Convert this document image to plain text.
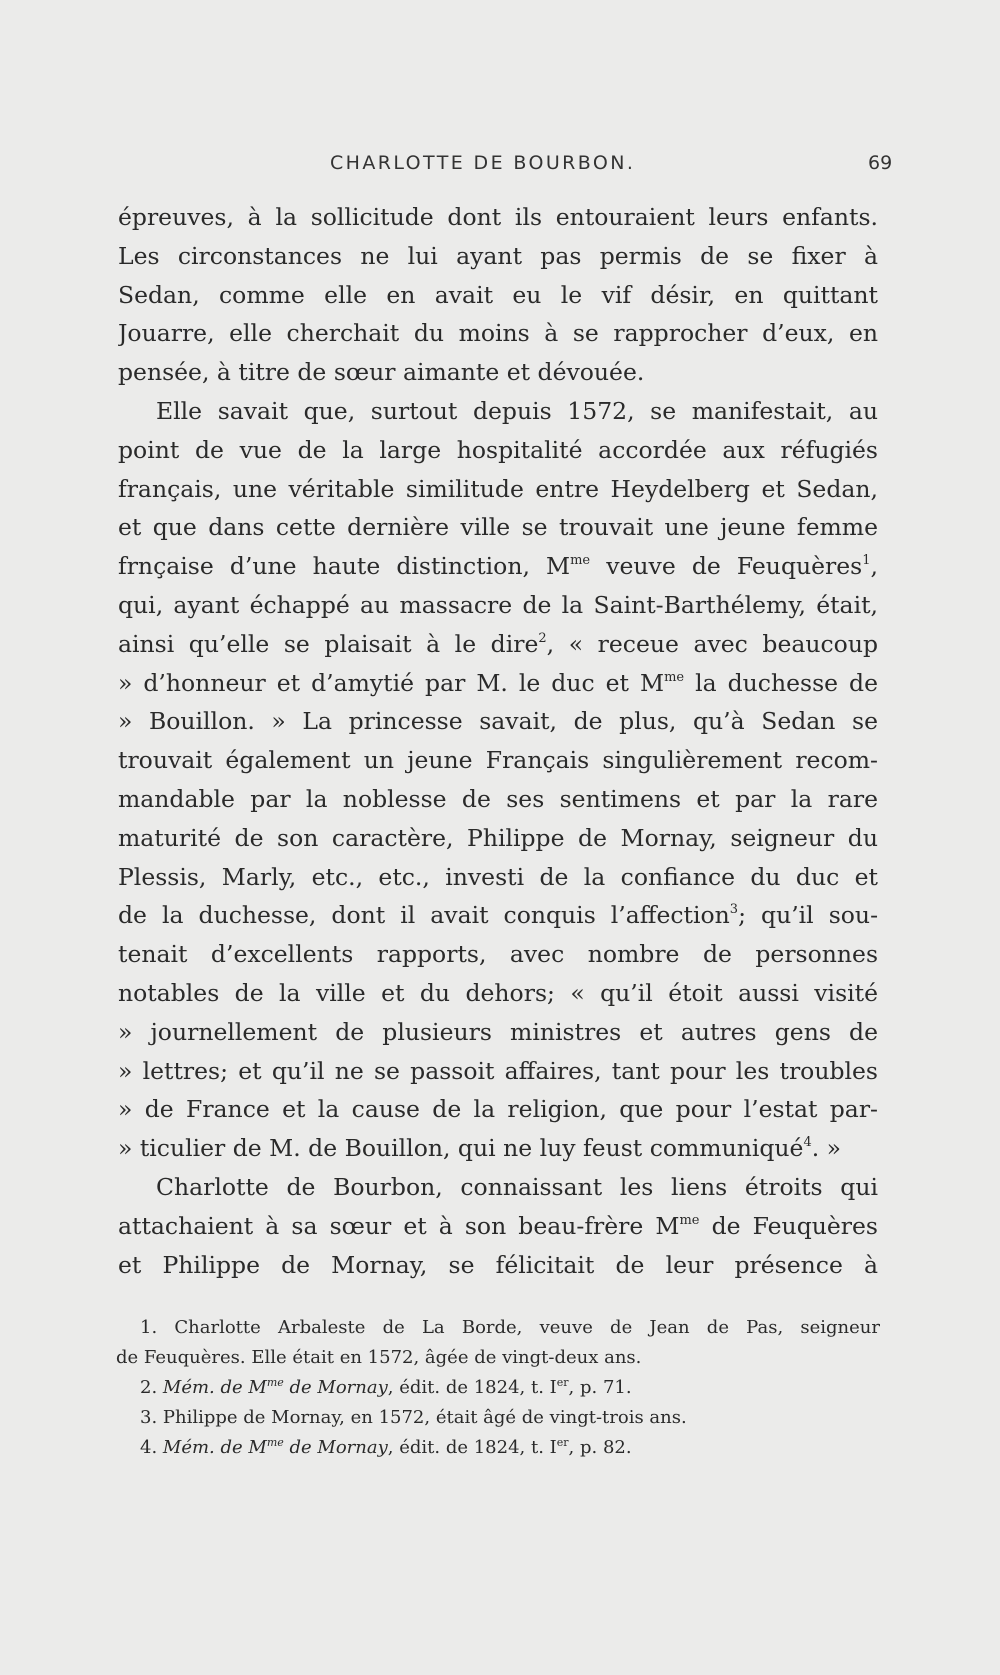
CHARLOTTE DE BOURBON.	69
épreuves, à la sollicitude dont ils entouraient leurs enfants.
Les circonstances ne lui ayant pas permis de se fixer à
Sedan, comme elle en avait eu le vif désir, en quittant
Jouarre, elle cherchait du moins à se rapprocher d’eux, en
pensée, à titre de sœur aimante et dévouée.
Elle savait que, surtout depuis 1572, se manifestait, au
point de vue de la large hospitalité accordée aux réfugiés
français, une véritable similitude entre Heydelberg et Sedan,
et que dans cette dernière ville se trouvait une jeune femme
frnçaise d’une haute distinction, $M^{me}$ veuve de Feuquères$^1$,
qui, ayant échappé au massacre de la Saint-Barthélemy, était,
ainsi qu’elle se plaisait à le dire$^2$, « receue avec beaucoup
» d’honneur et d’amytié par M. le duc et $M^{me}$ la duchesse de
» Bouillon. » La princesse savait, de plus, qu’à Sedan se
trouvait également un jeune Français singulièrement recom-
mandable par la noblesse de ses sentimens et par la rare
maturité de son caractère, Philippe de Mornay, seigneur du
Plessis, Marly, etc., etc., investi de la confiance du duc et
de la duchesse, dont il avait conquis l’affection$^3$; qu’il sou-
tenait d’excellents rapports, avec nombre de personnes
notables de la ville et du dehors; « qu’il étoit aussi visité
» journellement de plusieurs ministres et autres gens de
» lettres; et qu’il ne se passoit affaires, tant pour les troubles
» de France et la cause de la religion, que pour l’estat par-
» ticulier de M. de Bouillon, qui ne luy feust communiqué$^4$. »
Charlotte de Bourbon, connaissant les liens étroits qui
attachaient à sa sœur et à son beau-frère $M^{me}$ de Feuquères
et Philippe de Mornay, se félicitait de leur présence à
1. Charlotte Arbaleste de La Borde, veuve de Jean de Pas, seigneur
de Feuquères. Elle était en 1572, âgée de vingt-deux ans.
2. Mém. de $M^{me}$ de Mornay, édit. de 1824, t. Ier, p. 71.
3. Philippe de Mornay, en 1572, était âgé de vingt-trois ans.
4. Mém. de $M^{me}$ de Mornay, édit. de 1824, t. Ier, p. 82.
